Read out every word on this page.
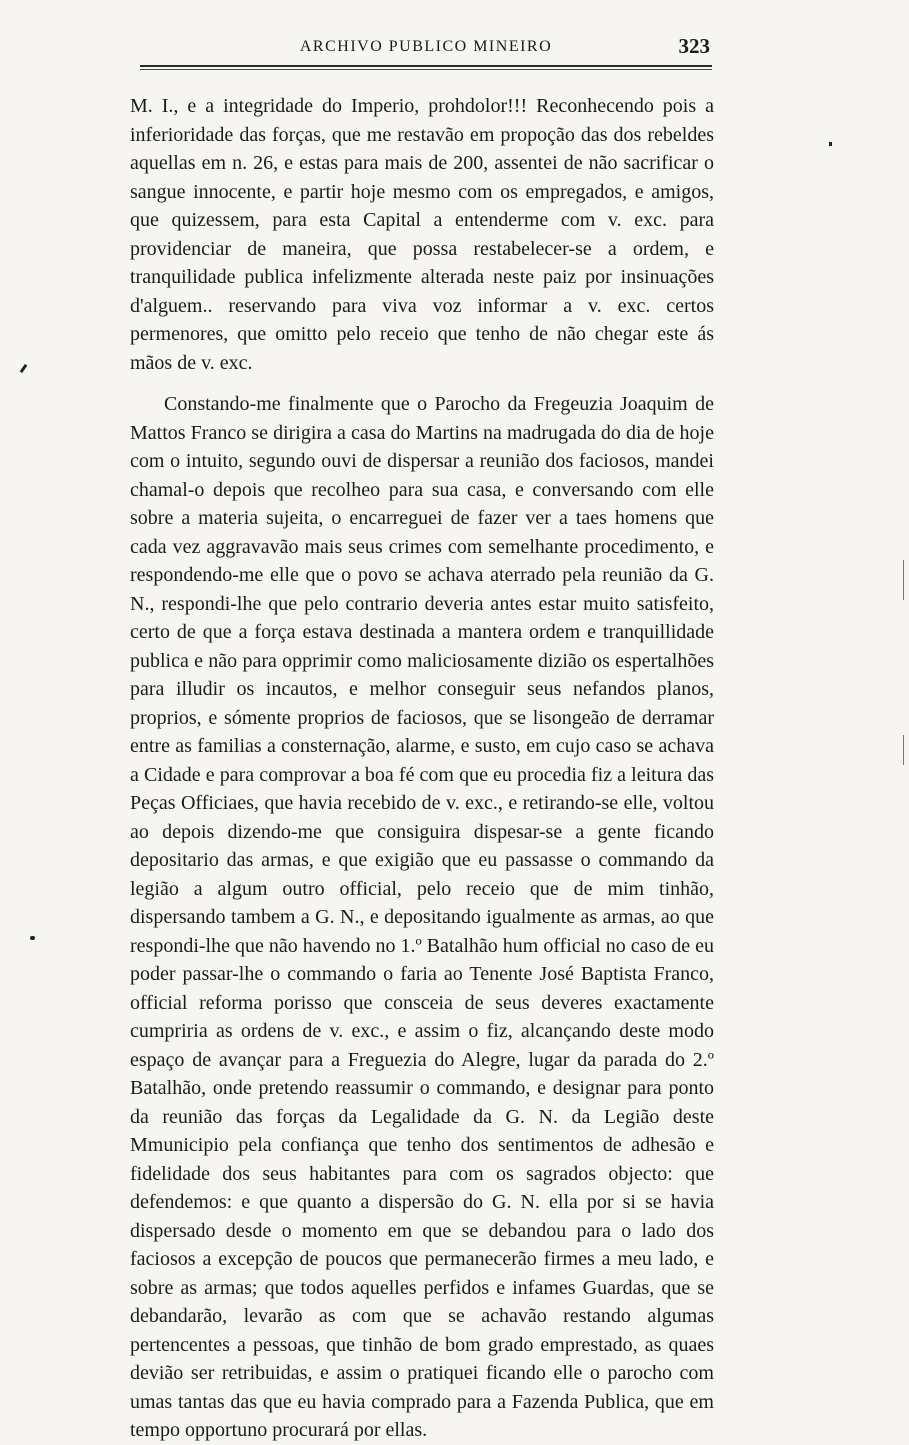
ARCHIVO PUBLICO MINEIRO	323

M. I., e a integridade do Imperio, prohdolor!!! Reconhecendo pois a inferioridade das forças, que me restavão em propoção das dos rebeldes aquellas em n. 26, e estas para mais de 200, assentei de não sacrificar o sangue innocente, e partir hoje mesmo com os empregados, e amigos, que quizessem, para esta Capital a entenderme com v. exc. para providenciar de maneira, que possa restabelecer-se a ordem, e tranquilidade publica infelizmente alterada neste paiz por insinuações d'alguem.. reservando para viva voz informar a v. exc. certos permenores, que omitto pelo receio que tenho de não chegar este ás mãos de v. exc.

Constando-me finalmente que o Parocho da Fregeuzia Joaquim de Mattos Franco se dirigira a casa do Martins na madrugada do dia de hoje com o intuito, segundo ouvi de dispersar a reunião dos faciosos, mandei chamal-o depois que recolheo para sua casa, e conversando com elle sobre a materia sujeita, o encarreguei de fazer ver a taes homens que cada vez aggravavão mais seus crimes com semelhante procedimento, e respondendo-me elle que o povo se achava aterrado pela reunião da G. N., respondi-lhe que pelo contrario deveria antes estar muito satisfeito, certo de que a força estava destinada a mantera ordem e tranquillidade publica e não para opprimir como maliciosamente dizião os espertalhões para illudir os incautos, e melhor conseguir seus nefandos planos, proprios, e sómente proprios de faciosos, que se lisongeão de derramar entre as familias a consternação, alarme, e susto, em cujo caso se achava a Cidade e para comprovar a boa fé com que eu procedia fiz a leitura das Peças Officiaes, que havia recebido de v. exc., e retirando-se elle, voltou ao depois dizendo-me que consiguira dispesar-se a gente ficando depositario das armas, e que exigião que eu passasse o commando da legião a algum outro official, pelo receio que de mim tinhão, dispersando tambem a G. N., e depositando igualmente as armas, ao que respondi-lhe que não havendo no 1.º Batalhão hum official no caso de eu poder passar-lhe o commando o faria ao Tenente José Baptista Franco, official reforma porisso que consceia de seus deveres exactamente cumpriria as ordens de v. exc., e assim o fiz, alcançando deste modo espaço de avançar para a Freguezia do Alegre, lugar da parada do 2.º Batalhão, onde pretendo reassumir o commando, e designar para ponto da reunião das forças da Legalidade da G. N. da Legião deste Mmunicipio pela confiança que tenho dos sentimentos de adhesão e fidelidade dos seus habitantes para com os sagrados objecto: que defendemos: e que quanto a dispersão do G. N. ella por si se havia dispersado desde o momento em que se debandou para o lado dos faciosos a excepção de poucos que permanecerão firmes a meu lado, e sobre as armas; que todos aquelles perfidos e infames Guardas, que se debandarão, levarão as com que se achavão restando algumas pertencentes a pessoas, que tinhão de bom grado emprestado, as quaes devião ser retribuidas, e assim o pratiquei ficando elle o parocho com umas tantas das que eu havia comprado para a Fazenda Publica, que em tempo opportuno procurará por ellas.
